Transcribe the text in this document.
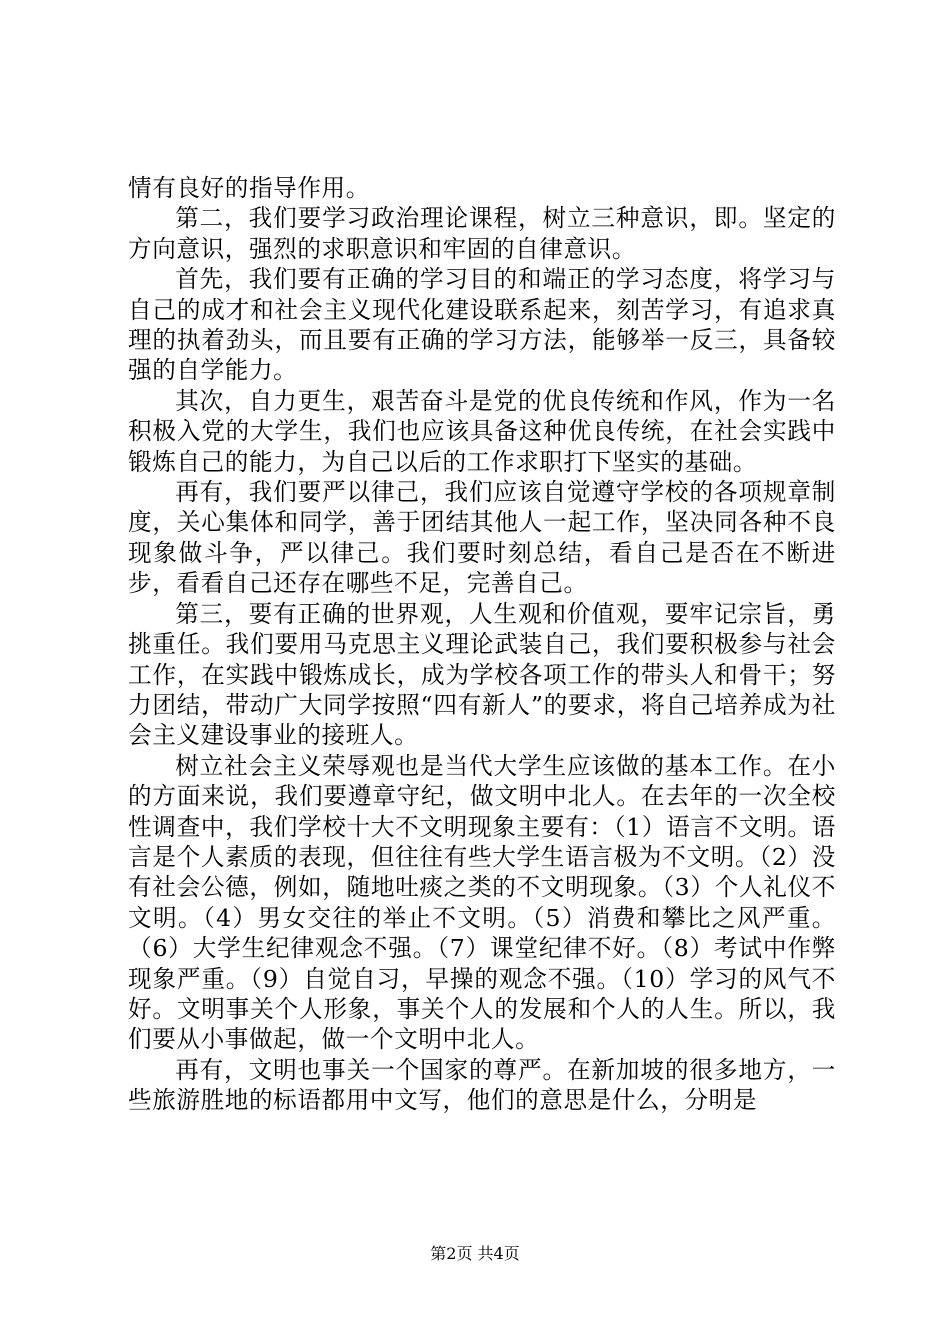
情有良好的指导作用。

第二，我们要学习政治理论课程，树立三种意识，即。坚定的方向意识，强烈的求职意识和牢固的自律意识。

首先，我们要有正确的学习目的和端正的学习态度，将学习与自己的成才和社会主义现代化建设联系起来，刻苦学习，有追求真理的执着劲头，而且要有正确的学习方法，能够举一反三，具备较强的自学能力。

其次，自力更生，艰苦奋斗是党的优良传统和作风，作为一名积极入党的大学生，我们也应该具备这种优良传统，在社会实践中锻炼自己的能力，为自己以后的工作求职打下坚实的基础。

再有，我们要严以律己，我们应该自觉遵守学校的各项规章制度，关心集体和同学，善于团结其他人一起工作，坚决同各种不良现象做斗争，严以律己。我们要时刻总结，看自己是否在不断进步，看看自己还存在哪些不足，完善自己。

第三，要有正确的世界观，人生观和价值观，要牢记宗旨，勇挑重任。我们要用马克思主义理论武装自己，我们要积极参与社会工作，在实践中锻炼成长，成为学校各项工作的带头人和骨干；努力团结，带动广大同学按照“四有新人”的要求，将自己培养成为社会主义建设事业的接班人。

树立社会主义荣辱观也是当代大学生应该做的基本工作。在小的方面来说，我们要遵章守纪，做文明中北人。在去年的一次全校性调查中，我们学校十大不文明现象主要有：（1）语言不文明。语言是个人素质的表现，但往往有些大学生语言极为不文明。（2）没有社会公德，例如，随地吐痰之类的不文明现象。（3）个人礼仪不文明。（4）男女交往的举止不文明。（5）消费和攀比之风严重。（6）大学生纪律观念不强。（7）课堂纪律不好。（8）考试中作弊现象严重。（9）自觉自习，早操的观念不强。（10）学习的风气不好。文明事关个人形象，事关个人的发展和个人的人生。所以，我们要从小事做起，做一个文明中北人。

再有，文明也事关一个国家的尊严。在新加坡的很多地方，一些旅游胜地的标语都用中文写，他们的意思是什么，分明是

第2页 共4页
